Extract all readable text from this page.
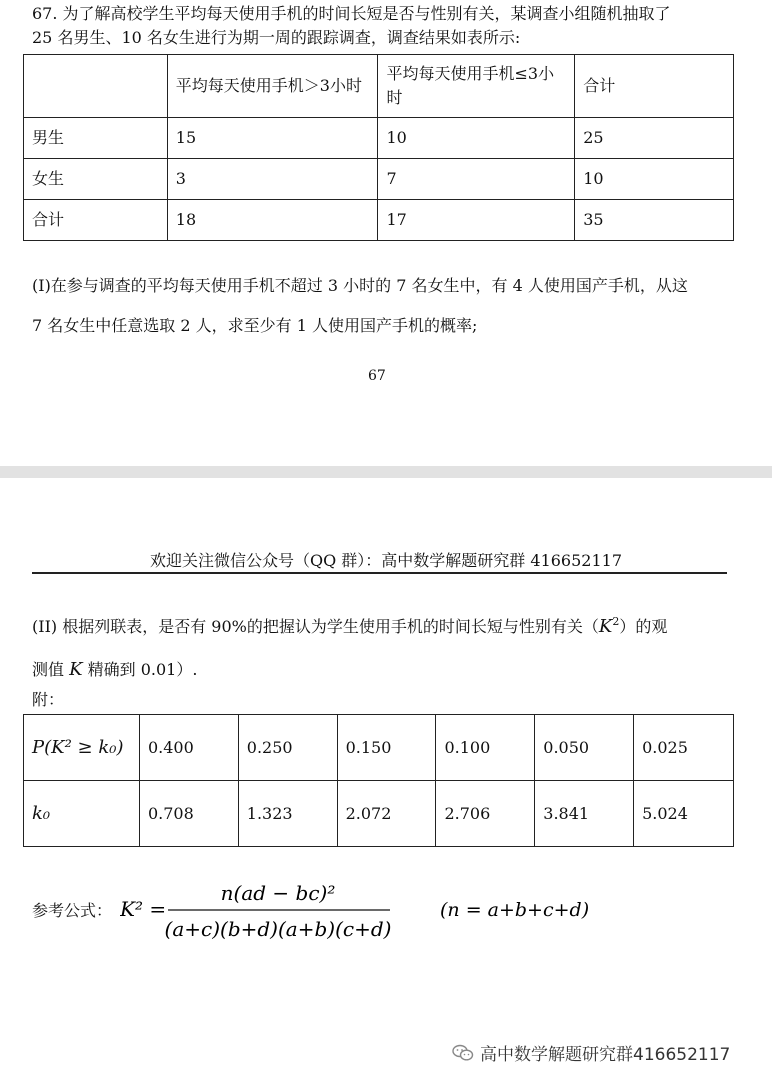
67. 为了解高校学生平均每天使用手机的时间长短是否与性别有关，某调查小组随机抽取了
25 名男生、10 名女生进行为期一周的跟踪调查，调查结果如表所示:
	平均每天使用手机＞3小时	平均每天使用手机≤3小时	合计
男生	15	10	25
女生	3	7	10
合计	18	17	35
(I)在参与调查的平均每天使用手机不超过 3 小时的 7 名女生中，有 4 人使用国产手机，从这
7 名女生中任意选取 2 人，求至少有 1 人使用国产手机的概率;
67
欢迎关注微信公众号（QQ 群）：高中数学解题研究群 416652117
(II) 根据列联表，是否有 90%的把握认为学生使用手机的时间长短与性别有关$(K^2)$的观
测值 K 精确到 0.01）.
附：
P(K² ≥ k₀)	0.400	0.250	0.150	0.100	0.050	0.025
k₀	0.708	1.323	2.072	2.706	3.841	5.024
参考公式： K² =
n(ad − bc)²
(a+c)(b+d)(a+b)(c+d)
(n = a+b+c+d)
高中数学解题研究群416652117
